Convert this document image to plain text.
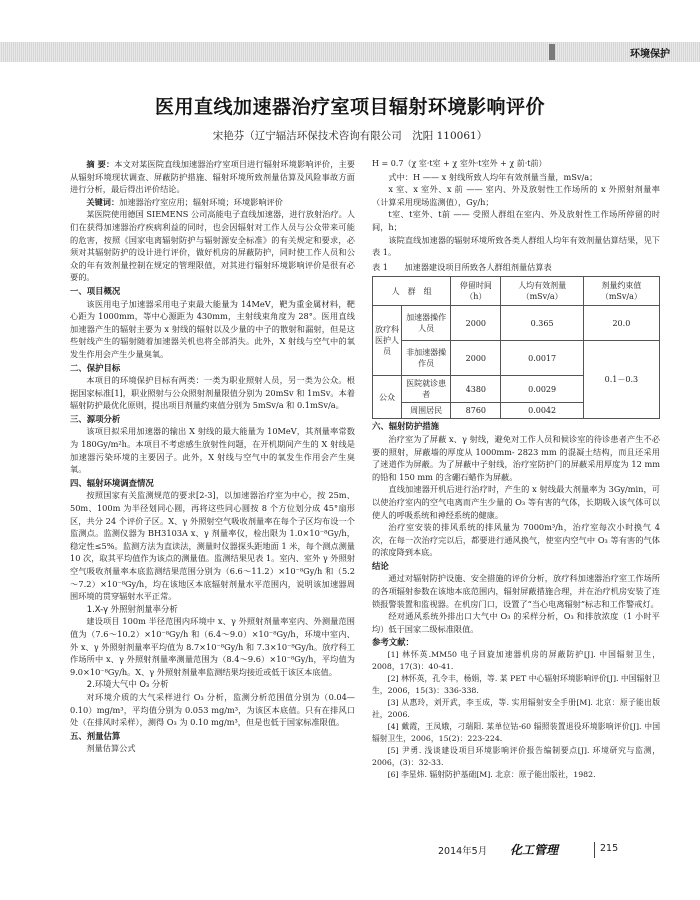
环境保护
医用直线加速器治疗室项目辐射环境影响评价
宋艳芬（辽宁辐洁环保技术咨询有限公司　沈阳 110061）

摘 要：本文对某医院直线加速器治疗室项目进行辐射环境影响评价，主要从辐射环境现状调查、屏蔽防护措施、辐射环境所致剂量估算及风险事故方面进行分析，最后得出评价结论。

关键词：加速器治疗室应用；辐射环境；环境影响评价

某医院使用德国 SIEMENS 公司高能电子直线加速器，进行放射治疗。人们在获得加速器治疗疾病利益的同时，也会因辐射对工作人员与公众带来可能的危害，按照《国家电离辐射防护与辐射源安全标准》的有关规定和要求，必须对其辐射防护的设计进行评价，做好机房的屏蔽防护，同时使工作人员和公众的年有效剂量控制在规定的管理限值，对其进行辐射环境影响评价是很有必要的。

一、项目概况

该医用电子加速器采用电子束最大能量为 14MeV，靶为重金属材料，靶心距为 1000mm，等中心源距为 430mm，主射线束角度为 28°。医用直线加速器产生的辐射主要为 x 射线的辐射以及少量的中子的散射和漏射，但是这些射线产生的辐射随着加速器关机也将全部消失。此外，X 射线与空气中的氧发生作用会产生少量臭氧。

二、保护目标

本项目的环境保护目标有两类：一类为职业照射人员，另一类为公众。根据国家标准[1]，职业照射与公众照射剂量限值分别为 20mSv 和 1mSv。本着辐射防护最优化原则，提出项目剂量约束值分别为 5mSv/a 和 0.1mSv/a。

三、源项分析

该项目拟采用加速器的输出 X 射线的最大能量为 10MeV，其剂量率常数为 180Gy/m²h。本项目不考虑感生放射性问题，在开机期间产生的 X 射线是加速器污染环境的主要因子。此外，X 射线与空气中的氧发生作用会产生臭氧。

四、辐射环境调查情况

按照国家有关监测规范的要求[2-3]，以加速器治疗室为中心，按 25m、50m、100m 为半径划同心圆，再将这些同心圆按 8 个方位划分成 45°扇形区，共分 24 个评价子区。X、γ 外照射空气吸收剂量率在每个子区均布设一个监测点。监测仪器为 BH3103A x、γ 剂量率仪，检出限为 1.0×10⁻⁸Gy/h，稳定性≤5%。监测方法为直读法，测量时仪器探头距地面 1 米，每个测点测量 10 次，取其平均值作为该点的测量值。监测结果见表 1。室内、室外 γ 外照射空气吸收剂量率本底监测结果范围分别为（6.6～11.2）×10⁻⁸Gy/h 和（5.2～7.2）×10⁻⁸Gy/h，均在该地区本底辐射剂量水平范围内，说明该加速器周围环境的贯穿辐射水平正常。

1.X-γ 外照射剂量率分析

建设项目 100m 半径范围内环境中 x、γ 外照射剂量率室内、外测量范围值为（7.6～10.2）×10⁻⁸Gy/h 和（6.4～9.0）×10⁻⁸Gy/h，环境中室内、外 x、γ 外照射剂量率平均值为 8.7×10⁻⁸Gy/h 和 7.3×10⁻⁸Gy/h。放疗科工作场所中 x、γ 外照射剂量率测量范围为（8.4～9.6）×10⁻⁸Gy/h，平均值为 9.0×10⁻⁸Gy/h。X、γ 外照射剂量率监测结果均接近或低于该区本底值。

2.环境大气中 O₃ 分析

对环境介质的大气采样进行 O₃ 分析，监测分析范围值分别为（0.04—0.10）mg/m³，平均值分别为 0.053 mg/m³，为该区本底值。只有在排风口处（在排风时采样），测得 O₃ 为 0.10 mg/m³，但是也低于国家标准限值。

五、剂量估算

剂量估算公式

H = 0.7（χ 室·t室 + χ 室外·t室外 + χ 前·t前）

式中：H —— x 射线所致人均年有效剂量当量，mSv/a；

x 室、x 室外、x 前 —— 室内、外及放射性工作场所的 x 外照射剂量率（计算采用现场监测值），Gy/h；

t室、t室外、t前 —— 受照人群组在室内、外及放射性工作场所停留的时间，h；

该院直线加速器的辐射环境所致各类人群组人均年有效剂量估算结果，见下表 1。

表 1　　加速器建设项目所致各人群组剂量估算表

人　群　组		停留时间（h）	人均有效剂量（mSv/a）	剂量约束值（mSv/a）
放疗科医护人员	加速器操作人员	2000	0.365	20.0
	非加速器操作员	2000	0.0017	0.1－0.3
公众	医院就诊患者	4380	0.0029	
	周围居民	8760	0.0042	

六、辐射防护措施

治疗室为了屏蔽 x、γ 射线，避免对工作人员和候诊室的待诊患者产生不必要的照射，屏蔽墙的厚度从 1000mm- 2823 mm 的混凝土结构，而且还采用了迷道作为屏蔽。为了屏蔽中子射线，治疗室防护门的屏蔽采用厚度为 12 mm 的铅和 150 mm 的含硼石蜡作为屏蔽。

直线加速器开机后进行治疗时，产生的 x 射线最大剂量率为 3Gy/min，可以使治疗室内的空气电离而产生少量的 O₃ 等有害的气体，长期吸入该气体可以使人的呼吸系统和神经系统的健康。

治疗室安装的排风系统的排风量为 7000m³/h，治疗室每次小时换气 4 次，在每一次治疗完以后，都要进行通风换气，使室内空气中 O₃ 等有害的气体的浓度降到本底。

结论

通过对辐射防护设施、安全措施的评价分析，放疗科加速器治疗室工作场所的各项辐射参数在该地本底范围内，辐射屏蔽措施合理，并在治疗机房安装了连锁报警装置和监视器。在机房门口，设置了“当心电离辐射”标志和工作警戒灯。

经对通风系统外排出口大气中 O₃ 的采样分析，O₃ 和排放浓度（1 小时平均）低于国家二级标准限值。

参考文献：

[1] 林怀英.MM50 电子回旋加速器机房的屏蔽防护[J]. 中国辐射卫生，2008，17(3)：40-41.

[2] 林怀英，孔令丰，杨娟，等. 某 PET 中心辐射环境影响评价[J]. 中国辐射卫生，2006，15(3)：336-338.

[3] 从惠玲，刘开武，李玉成，等. 实用辐射安全手册[M]. 北京：原子能出版社，2006.

[4] 戴霞，王凤娥，刁瑞阳. 某单位钴-60 辐照装置退役环境影响评价[J]. 中国辐射卫生，2006，15(2)：223-224.

[5] 尹勇. 浅谈建设项目环境影响评价报告编制要点[J]. 环境研究与监测，2006，(3)：32-33.

[6] 李星炜. 辐射防护基础[M]. 北京：原子能出版社，1982.

2014年5月 化工管理	215
